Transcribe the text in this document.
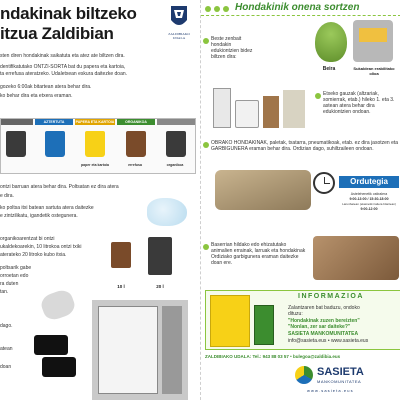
ndakinak biltzeko
itzua Zaldibian	ZALDIBIAKO UDALA
sten diren hondakinak saikatuta eta atez ate biltzen dira.
dentifikatutako ONTZI-SORTA bat du papera eta kartoia,
ta errefusa ateratzeko. Udaletxean eskura daitezke doan.
gozeko 6:00ak bitartean atera behar dira.
ko behar dira eta etxera eraman.
AZTERTUTA	PAPERA ETA KARTOIA	ORGANIKOA
paper eta kartoia	errefusa	organikoa
ontzi barruan atera behar dira. Poltsatan ez dira atera
e dira.
ko poltsa itxi batean sartuta atera daitezke
e zintzilikatu, igandetik ostegunera.
organikoarentzat bi ontzi
ukaldekoarekin, 10 litrokoa ontzi txiki
aterateko 20 litroko kubo itxia.
10 l	20 l
poltsarik gabe
orroetan edo
ra duten
tan.
dago.
atean
doan
Hondakinik onena sortzen
Beste zenbait hondakin edukiontzien bidez biltzen dira:
Beira	Sukaldean erabilitako olioa
Etxeko gauzak (altzariak, somierrak, etab.) hileko 1. eta 3. astean atera behar dira edukiontzien ondoan.
OBRAKO HONDAKINAK, paletak, txatarra, pneumatikoak, etab. ez dira jasotzen eta GARBIGUNERA eraman behar dira. Ordizian dago, suhiltzaileen ondoan.
Ordutegia
Astelehenetik ostiralera
9:00-13:00 / 15:30-18:00
Larunbatean (ekainetik irailera bitartean)
9:00-12:00
Baserrian hildako edo ehizatutako animalien errainak, larruak eta hondakinak Ordiziako garbigunera eraman daitezke doan ere.
INFORMAZIOA
Zalantzaren bat baduzu, ondoko
dituzu:
"Hondakinak zuzen bereizten"
"Nonlan, zer sar daiteke?"
SASIETA MANKOMUNITATEA
info@sasieta.eus • www.sasieta.eus
ZALDIBIAKO UDALA: Tel.: 943 88 03 57 • bulegoa@zaldibia.eus
SASIETA
MANKOMUNITATEA
w w w . s a s i e t a . e u s
